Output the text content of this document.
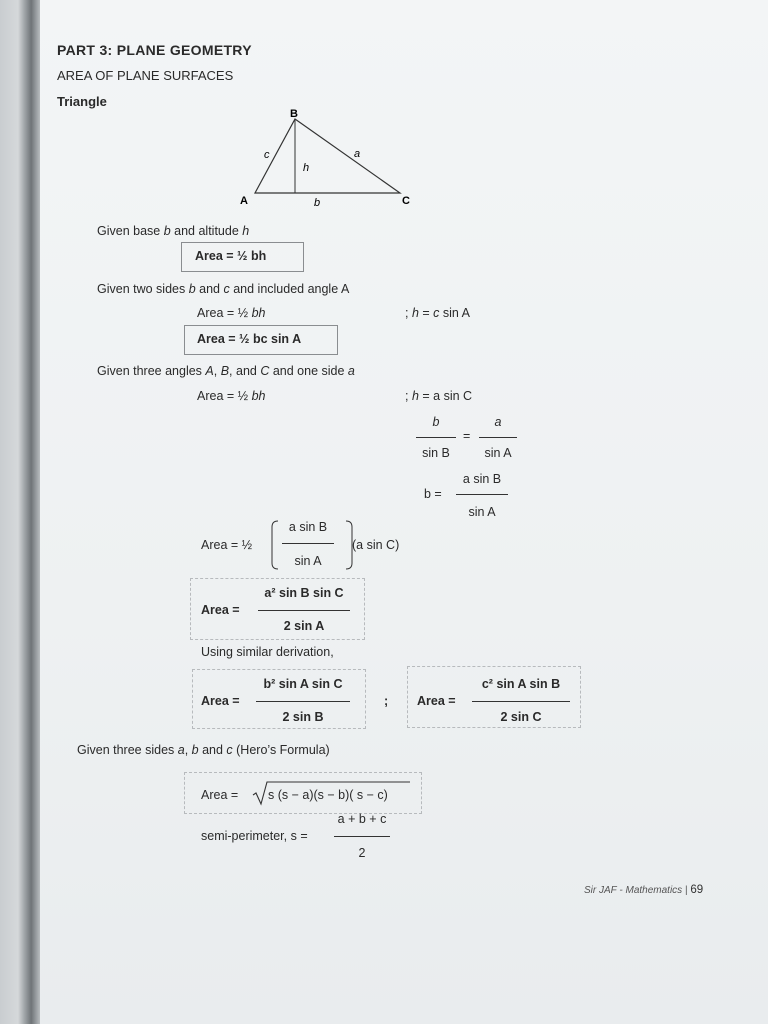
PART 3: PLANE GEOMETRY
AREA OF PLANE SURFACES
Triangle
B
A	C
c	a
b
h
Given base b and altitude h
Area = ½ bh
Given two sides b and c and included angle A
Area = ½ bh	; h = c sin A
Area = ½ bc sin A
Given three angles A, B, and C and one side a
Area = ½ bh	; h = a sin C
b
sin B
=
a
sin A
b =
a sin B
sin A
Area = ½
a sin B
sin A
(a sin C)
Area =
a² sin B sin C
2 sin A
Using similar derivation,
Area =
b² sin A sin C
2 sin B
; Area =
c² sin A sin B
2 sin C
Given three sides a, b and c (Hero’s Formula)
Area = s (s − a)(s − b)( s − c)
semi-perimeter, s =
a + b + c
2
Sir JAF - Mathematics | 69
